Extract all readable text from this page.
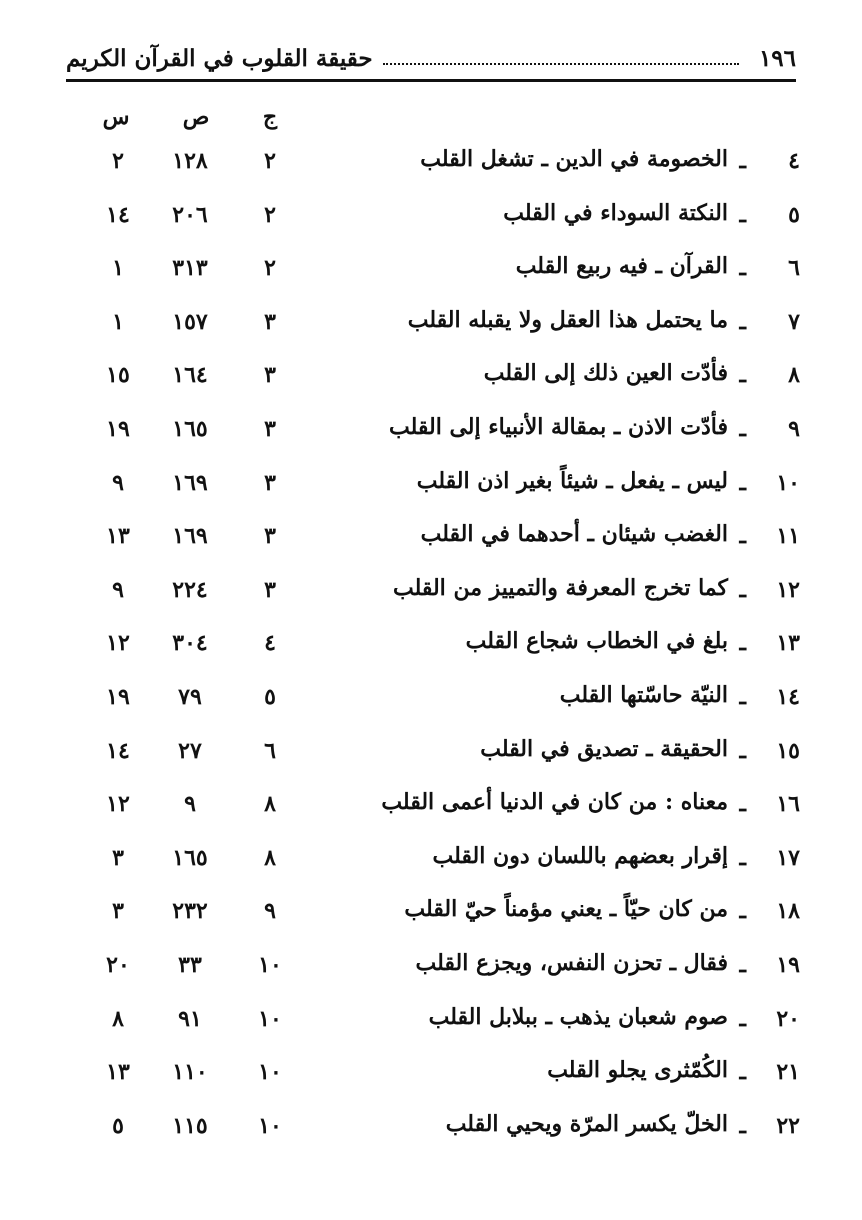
١٩٦
حقيقة القلوب في القرآن الكريم
ج
ص
س
٤
ـ
الخصومة في الدين ـ تشغل القلب
٢
١٢٨
٢
٥
ـ
النكتة السوداء في القلب
٢
٢٠٦
١٤
٦
ـ
القرآن ـ فيه ربيع القلب
٢
٣١٣
١
٧
ـ
ما يحتمل هذا العقل ولا يقبله القلب
٣
١٥٧
١
٨
ـ
فأدّت العين ذلك إلى القلب
٣
١٦٤
١٥
٩
ـ
فأدّت الاذن ـ بمقالة الأنبياء إلى القلب
٣
١٦٥
١٩
١٠
ـ
ليس ـ يفعل ـ شيئاً بغير اذن القلب
٣
١٦٩
٩
١١
ـ
الغضب شيئان ـ أحدهما في القلب
٣
١٦٩
١٣
١٢
ـ
كما تخرج المعرفة والتمييز من القلب
٣
٢٢٤
٩
١٣
ـ
بلغ في الخطاب شجاع القلب
٤
٣٠٤
١٢
١٤
ـ
النيّة حاسّتها القلب
٥
٧٩
١٩
١٥
ـ
الحقيقة ـ تصديق في القلب
٦
٢٧
١٤
١٦
ـ
معناه : من كان في الدنيا أعمى القلب
٨
٩
١٢
١٧
ـ
إقرار بعضهم باللسان دون القلب
٨
١٦٥
٣
١٨
ـ
من كان حيّاً ـ يعني مؤمناً حيّ القلب
٩
٢٣٢
٣
١٩
ـ
فقال ـ تحزن النفس، ويجزع القلب
١٠
٣٣
٢٠
٢٠
ـ
صوم شعبان يذهب ـ ببلابل القلب
١٠
٩١
٨
٢١
ـ
الكُمّثرى يجلو القلب
١٠
١١٠
١٣
٢٢
ـ
الخلّ يكسر المرّة ويحيي القلب
١٠
١١٥
٥
